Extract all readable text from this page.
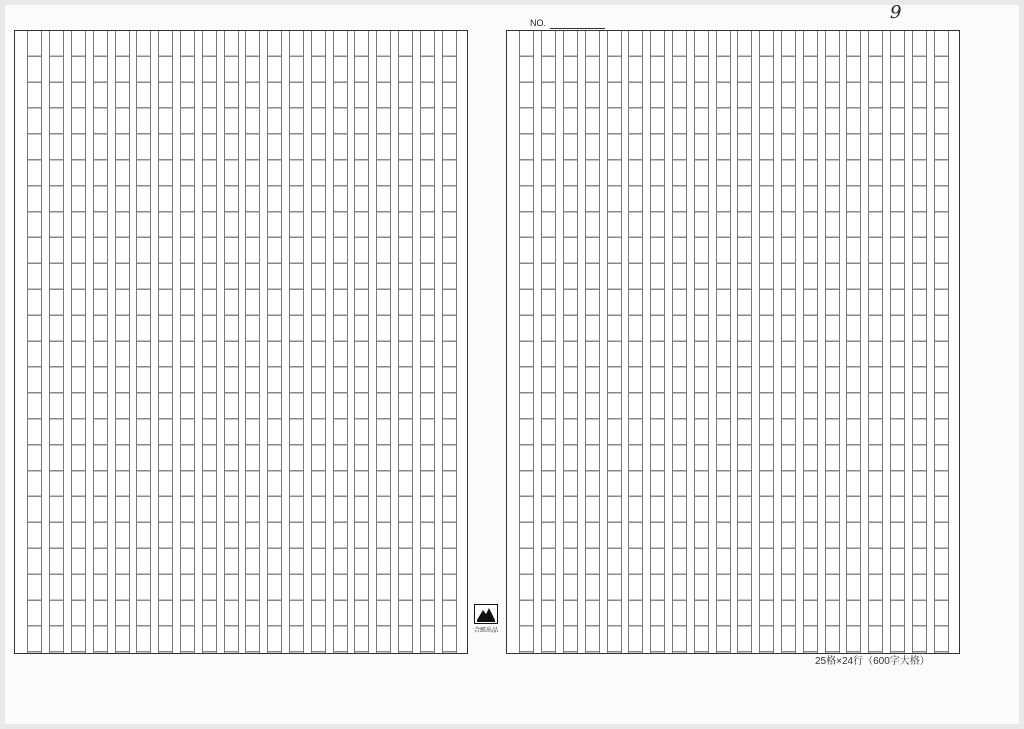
NO.	9
合經出品
25格×24行（600字大格）
